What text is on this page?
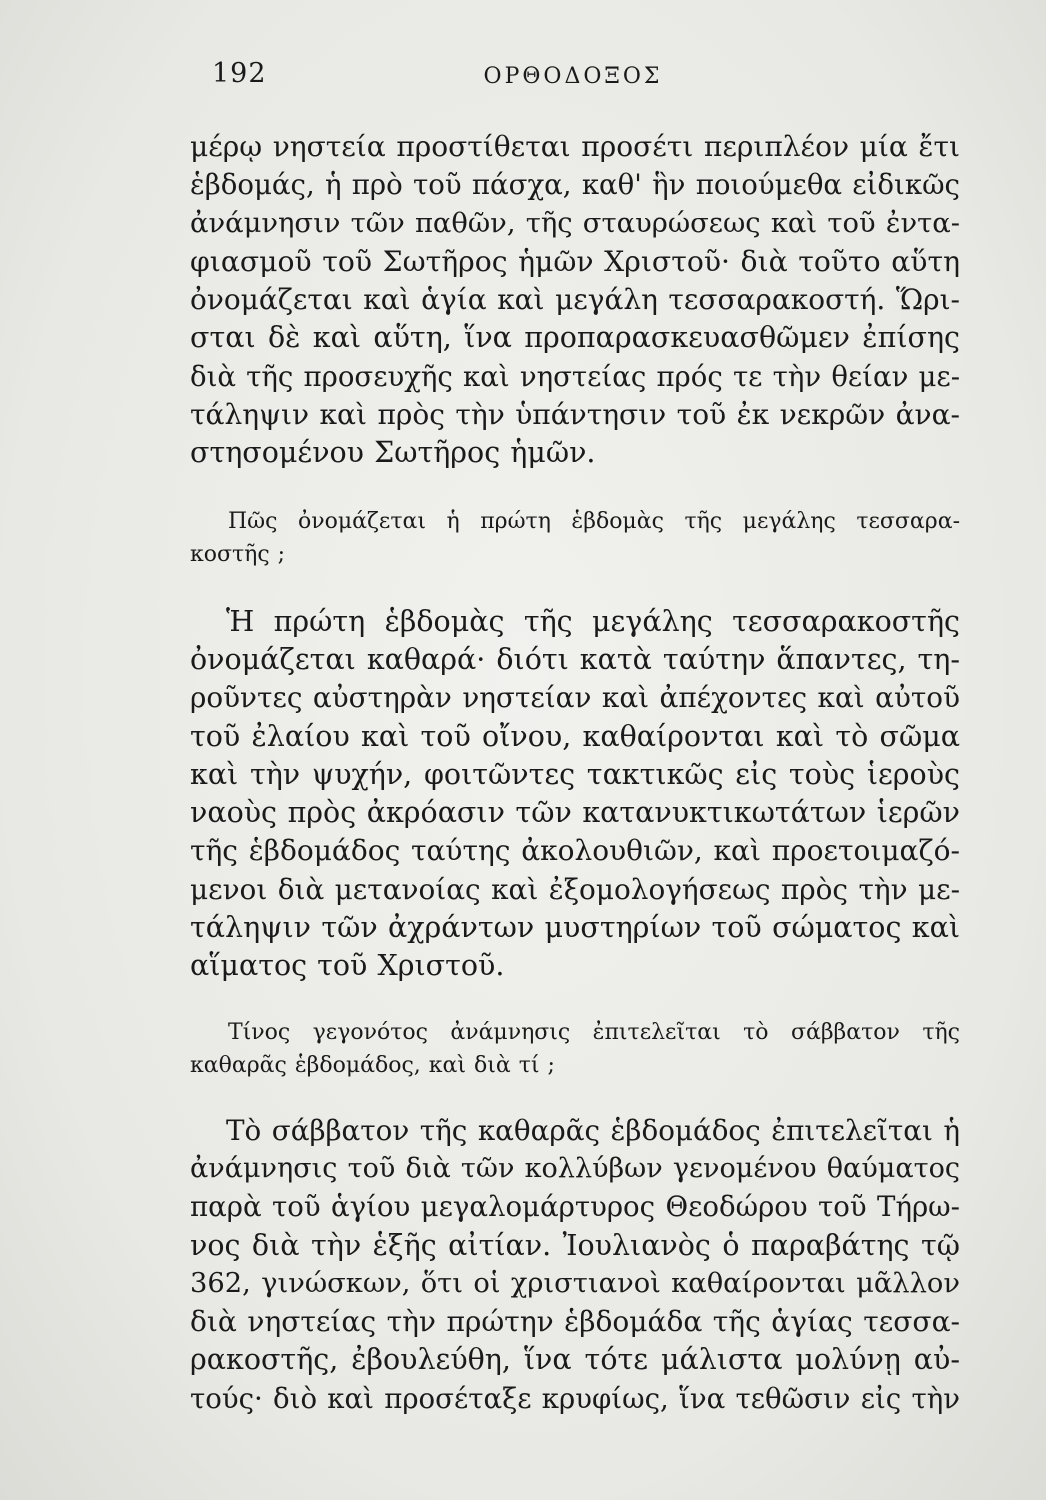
192	ΟΡΘΟΔΟΞΟΣ

μέρῳ νηστεία προστίθεται προσέτι περιπλέον μία ἔτι
ἑβδομάς, ἡ πρὸ τοῦ πάσχα, καθ' ἣν ποιούμεθα εἰδικῶς
ἀνάμνησιν τῶν παθῶν, τῆς σταυρώσεως καὶ τοῦ ἐντα-
φιασμοῦ τοῦ Σωτῆρος ἡμῶν Χριστοῦ· διὰ τοῦτο αὕτη
ὀνομάζεται καὶ ἁγία καὶ μεγάλη τεσσαρακοστή. Ὥρι-
σται δὲ καὶ αὕτη, ἵνα προπαρασκευασθῶμεν ἐπίσης
διὰ τῆς προσευχῆς καὶ νηστείας πρός τε τὴν θείαν με-
τάληψιν καὶ πρὸς τὴν ὑπάντησιν τοῦ ἐκ νεκρῶν ἀνα-
στησομένου Σωτῆρος ἡμῶν.

Πῶς ὀνομάζεται ἡ πρώτη ἑβδομὰς τῆς μεγάλης τεσσαρα-
κοστῆς ;

Ἡ πρώτη ἑβδομὰς τῆς μεγάλης τεσσαρακοστῆς
ὀνομάζεται καθαρά· διότι κατὰ ταύτην ἅπαντες, τη-
ροῦντες αὐστηρὰν νηστείαν καὶ ἀπέχοντες καὶ αὐτοῦ
τοῦ ἐλαίου καὶ τοῦ οἴνου, καθαίρονται καὶ τὸ σῶμα
καὶ τὴν ψυχήν, φοιτῶντες τακτικῶς εἰς τοὺς ἱεροὺς
ναοὺς πρὸς ἀκρόασιν τῶν κατανυκτικωτάτων ἱερῶν
τῆς ἑβδομάδος ταύτης ἀκολουθιῶν, καὶ προετοιμαζό-
μενοι διὰ μετανοίας καὶ ἐξομολογήσεως πρὸς τὴν με-
τάληψιν τῶν ἀχράντων μυστηρίων τοῦ σώματος καὶ
αἵματος τοῦ Χριστοῦ.

Τίνος γεγονότος ἀνάμνησις ἐπιτελεῖται τὸ σάββατον τῆς
καθαρᾶς ἑβδομάδος, καὶ διὰ τί ;

Τὸ σάββατον τῆς καθαρᾶς ἑβδομάδος ἐπιτελεῖται ἡ
ἀνάμνησις τοῦ διὰ τῶν κολλύβων γενομένου θαύματος
παρὰ τοῦ ἁγίου μεγαλομάρτυρος Θεοδώρου τοῦ Τήρω-
νος διὰ τὴν ἑξῆς αἰτίαν. Ἰουλιανὸς ὁ παραβάτης τῷ
362, γινώσκων, ὅτι οἱ χριστιανοὶ καθαίρονται μᾶλλον
διὰ νηστείας τὴν πρώτην ἑβδομάδα τῆς ἁγίας τεσσα-
ρακοστῆς, ἐβουλεύθη, ἵνα τότε μάλιστα μολύνῃ αὐ-
τούς· διὸ καὶ προσέταξε κρυφίως, ἵνα τεθῶσιν εἰς τὴν
